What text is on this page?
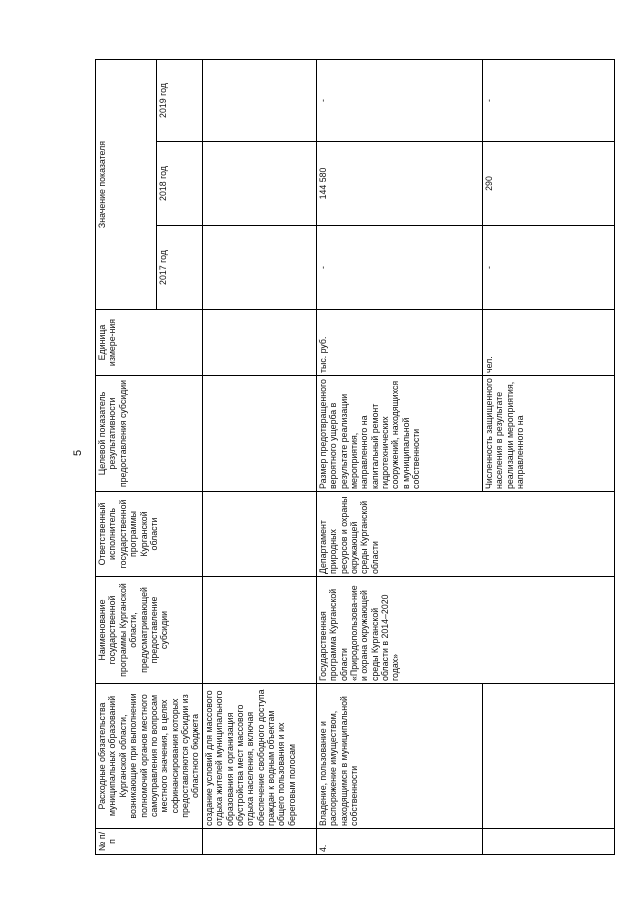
5
№ п/п	Расходные обязательства муниципальных образований Курганской области, возникающие при выполнении полномочий органов местного самоуправления по вопросам местного значения, в целях софинансирования которых предоставляются субсидии из областного бюджета	Наименование государственной программы Курганской области, предусматривающей предоставление субсидии	Ответственный исполнитель государственной программы Курганской области	Целевой показатель результативности предоставления субсидии	Единица измере-ния	Значение показателя		
						2017 год	2018 год	2019 год
	создание условий для массового отдыха жителей муниципального образования и организация обустройства мест массового отдыха населения, включая обеспечение свободного доступа граждан к водным объектам общего пользования и их береговым полосам							
4.	Владение, пользование и распоряжение имуществом, находящимся в муниципальной собственности	Государственная программа Курганской области «Природопользова-ние и охрана окружающей среды Курганской области в 2014–2020 годах»	Департамент природных ресурсов и охраны окружающей среды Курганской области	Размер предотвращенного вероятного ущерба в результате реализации мероприятия, направленного на капитальный ремонт гидротехнических сооружений, находящихся в муниципальной собственности	тыс. руб.	-	144 580	-
				Численность защищенного населения в результате реализации мероприятия, направленного на	чел.	-	290	-
